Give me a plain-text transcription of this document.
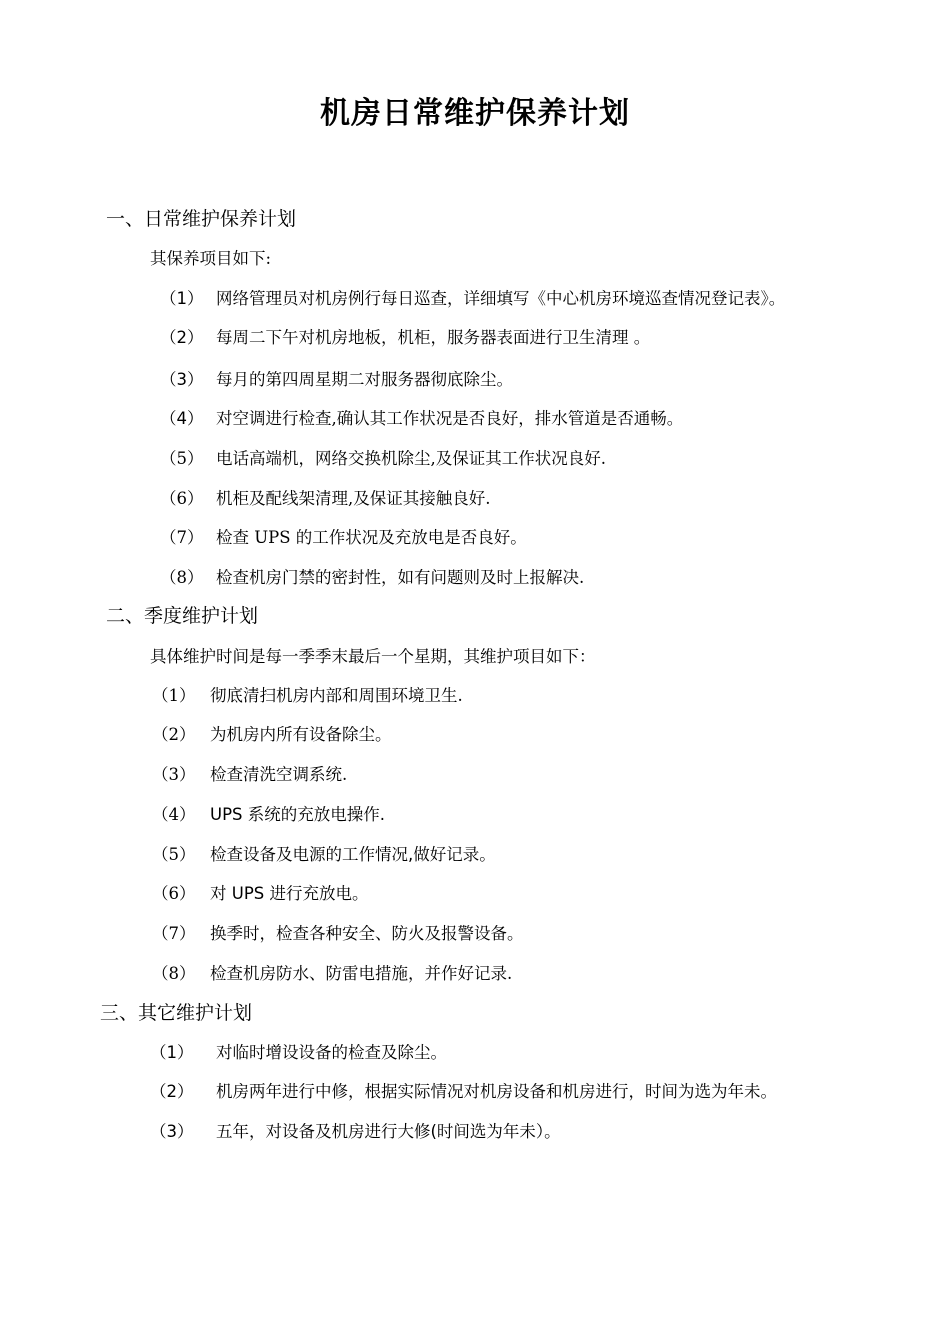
机房日常维护保养计划
一、日常维护保养计划
其保养项目如下:
（1） 网络管理员对机房例行每日巡查，详细填写《中心机房环境巡查情况登记表》。
（2） 每周二下午对机房地板，机柜，服务器表面进行卫生清理 。
（3） 每月的第四周星期二对服务器彻底除尘。
（4） 对空调进行检查,确认其工作状况是否良好，排水管道是否通畅。
（5） 电话高端机，网络交换机除尘,及保证其工作状况良好.
（6） 机柜及配线架清理,及保证其接触良好.
（7） 检查 UPS 的工作状况及充放电是否良好。
（8） 检查机房门禁的密封性，如有问题则及时上报解决.
二、季度维护计划
具体维护时间是每一季季末最后一个星期，其维护项目如下：
（1） 彻底清扫机房内部和周围环境卫生.
（2） 为机房内所有设备除尘。
（3） 检查清洗空调系统.
（4） UPS 系统的充放电操作.
（5） 检查设备及电源的工作情况,做好记录。
（6） 对 UPS 进行充放电。
（7） 换季时，检查各种安全、防火及报警设备。
（8） 检查机房防水、防雷电措施，并作好记录.
三、其它维护计划
（1） 对临时增设设备的检查及除尘。
（2） 机房两年进行中修，根据实际情况对机房设备和机房进行，时间为选为年未。
（3） 五年，对设备及机房进行大修(时间选为年未）。
